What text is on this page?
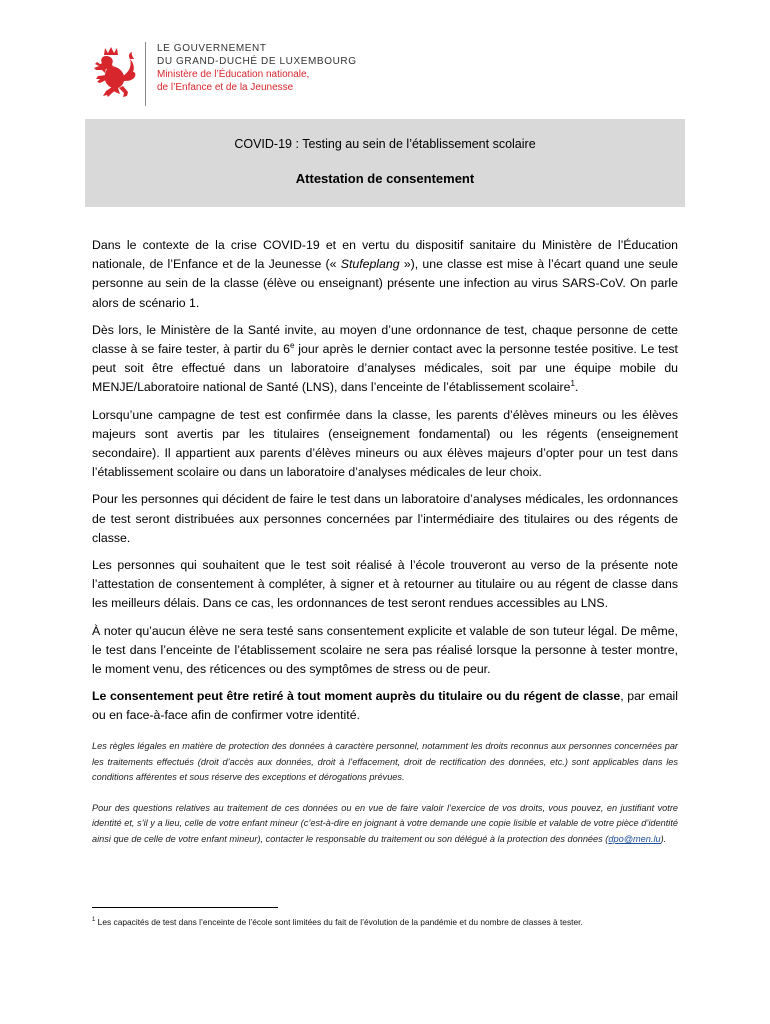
LE GOUVERNEMENT
DU GRAND-DUCHÉ DE LUXEMBOURG
Ministère de l’Éducation nationale,
de l’Enfance et de la Jeunesse
COVID-19 : Testing au sein de l’établissement scolaire
Attestation de consentement

Dans le contexte de la crise COVID-19 et en vertu du dispositif sanitaire du Ministère de l’Éducation nationale, de l’Enfance et de la Jeunesse (« Stufeplang »), une classe est mise à l’écart quand une seule personne au sein de la classe (élève ou enseignant) présente une infection au virus SARS-CoV. On parle alors de scénario 1.

Dès lors, le Ministère de la Santé invite, au moyen d’une ordonnance de test, chaque personne de cette classe à se faire tester, à partir du 6e jour après le dernier contact avec la personne testée positive. Le test peut soit être effectué dans un laboratoire d’analyses médicales, soit par une équipe mobile du MENJE/Laboratoire national de Santé (LNS), dans l’enceinte de l’établissement scolaire$^1$.

Lorsqu’une campagne de test est confirmée dans la classe, les parents d’élèves mineurs ou les élèves majeurs sont avertis par les titulaires (enseignement fondamental) ou les régents (enseignement secondaire). Il appartient aux parents d’élèves mineurs ou aux élèves majeurs d’opter pour un test dans l’établissement scolaire ou dans un laboratoire d’analyses médicales de leur choix.

Pour les personnes qui décident de faire le test dans un laboratoire d’analyses médicales, les ordonnances de test seront distribuées aux personnes concernées par l’intermédiaire des titulaires ou des régents de classe.

Les personnes qui souhaitent que le test soit réalisé à l’école trouveront au verso de la présente note l’attestation de consentement à compléter, à signer et à retourner au titulaire ou au régent de classe dans les meilleurs délais. Dans ce cas, les ordonnances de test seront rendues accessibles au LNS.

À noter qu’aucun élève ne sera testé sans consentement explicite et valable de son tuteur légal. De même, le test dans l’enceinte de l’établissement scolaire ne sera pas réalisé lorsque la personne à tester montre, le moment venu, des réticences ou des symptômes de stress ou de peur.

Le consentement peut être retiré à tout moment auprès du titulaire ou du régent de classe, par email ou en face-à-face afin de confirmer votre identité.

Les règles légales en matière de protection des données à caractère personnel, notamment les droits reconnus aux personnes concernées par les traitements effectués (droit d’accès aux données, droit à l’effacement, droit de rectification des données, etc.) sont applicables dans les conditions afférentes et sous réserve des exceptions et dérogations prévues.

Pour des questions relatives au traitement de ces données ou en vue de faire valoir l’exercice de vos droits, vous pouvez, en justifiant votre identité et, s’il y a lieu, celle de votre enfant mineur (c’est-à-dire en joignant à votre demande une copie lisible et valable de votre pièce d’identité ainsi que de celle de votre enfant mineur), contacter le responsable du traitement ou son délégué à la protection des données (dpo@men.lu).

$^1$ Les capacités de test dans l’enceinte de l’école sont limitées du fait de l’évolution de la pandémie et du nombre de classes à tester.
